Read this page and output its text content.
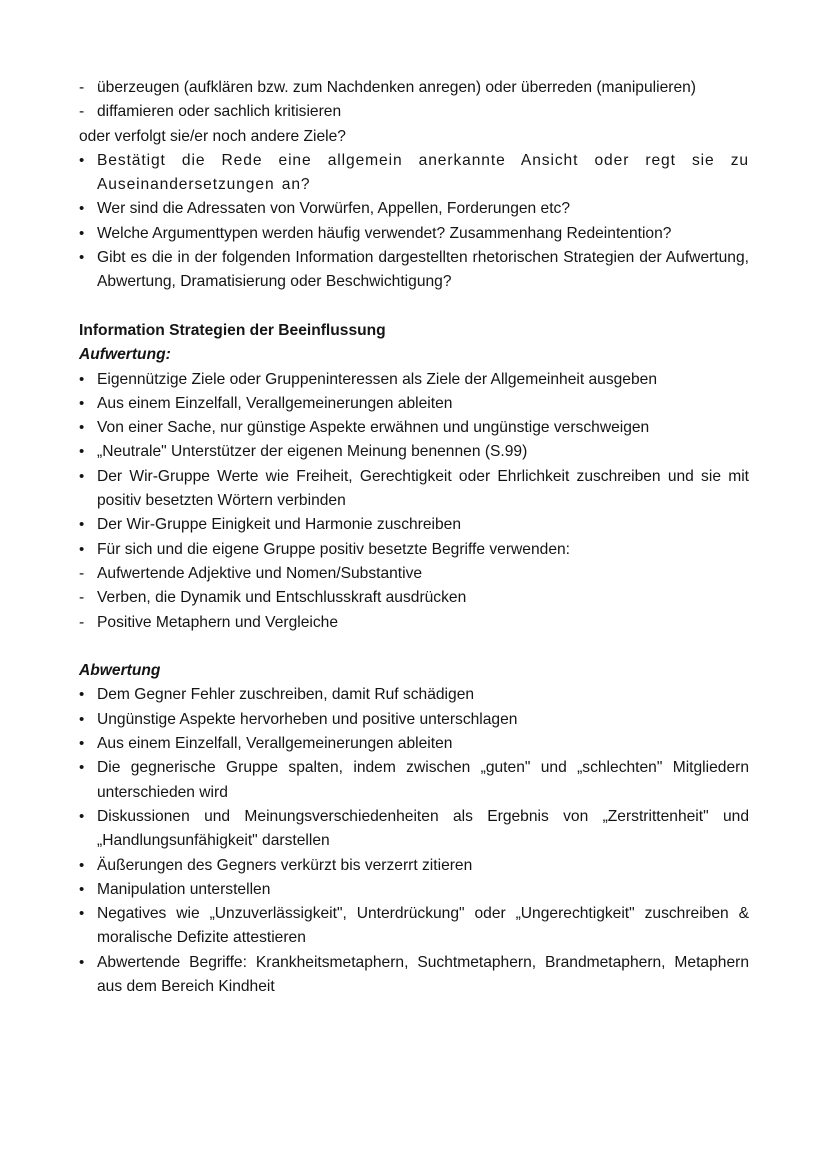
- überzeugen (aufklären bzw. zum Nachdenken anregen) oder überreden (manipulieren)
- diffamieren oder sachlich kritisieren
oder verfolgt sie/er noch andere Ziele?
• Bestätigt die Rede eine allgemein anerkannte Ansicht oder regt sie zu Auseinandersetzungen an?
• Wer sind die Adressaten von Vorwürfen, Appellen, Forderungen etc?
• Welche Argumenttypen werden häufig verwendet? Zusammenhang Redeintention?
• Gibt es die in der folgenden Information dargestellten rhetorischen Strategien der Aufwertung, Abwertung, Dramatisierung oder Beschwichtigung?
Information Strategien der Beeinflussung
Aufwertung:
• Eigennützige Ziele oder Gruppeninteressen als Ziele der Allgemeinheit ausgeben
• Aus einem Einzelfall, Verallgemeinerungen ableiten
• Von einer Sache, nur günstige Aspekte erwähnen und ungünstige verschweigen
• „Neutrale" Unterstützer der eigenen Meinung benennen (S.99)
• Der Wir-Gruppe Werte wie Freiheit, Gerechtigkeit oder Ehrlichkeit zuschreiben und sie mit positiv besetzten Wörtern verbinden
• Der Wir-Gruppe Einigkeit und Harmonie zuschreiben
• Für sich und die eigene Gruppe positiv besetzte Begriffe verwenden:
- Aufwertende Adjektive und Nomen/Substantive
- Verben, die Dynamik und Entschlusskraft ausdrücken
- Positive Metaphern und Vergleiche
Abwertung
• Dem Gegner Fehler zuschreiben, damit Ruf schädigen
• Ungünstige Aspekte hervorheben und positive unterschlagen
• Aus einem Einzelfall, Verallgemeinerungen ableiten
• Die gegnerische Gruppe spalten, indem zwischen „guten" und „schlechten" Mitgliedern unterschieden wird
• Diskussionen und Meinungsverschiedenheiten als Ergebnis von „Zerstrittenheit" und „Handlungsunfähigkeit" darstellen
• Äußerungen des Gegners verkürzt bis verzerrt zitieren
• Manipulation unterstellen
• Negatives wie „Unzuverlässigkeit", Unterdrückung" oder „Ungerechtigkeit" zuschreiben & moralische Defizite attestieren
• Abwertende Begriffe: Krankheitsmetaphern, Suchtmetaphern, Brandmetaphern, Metaphern aus dem Bereich Kindheit
